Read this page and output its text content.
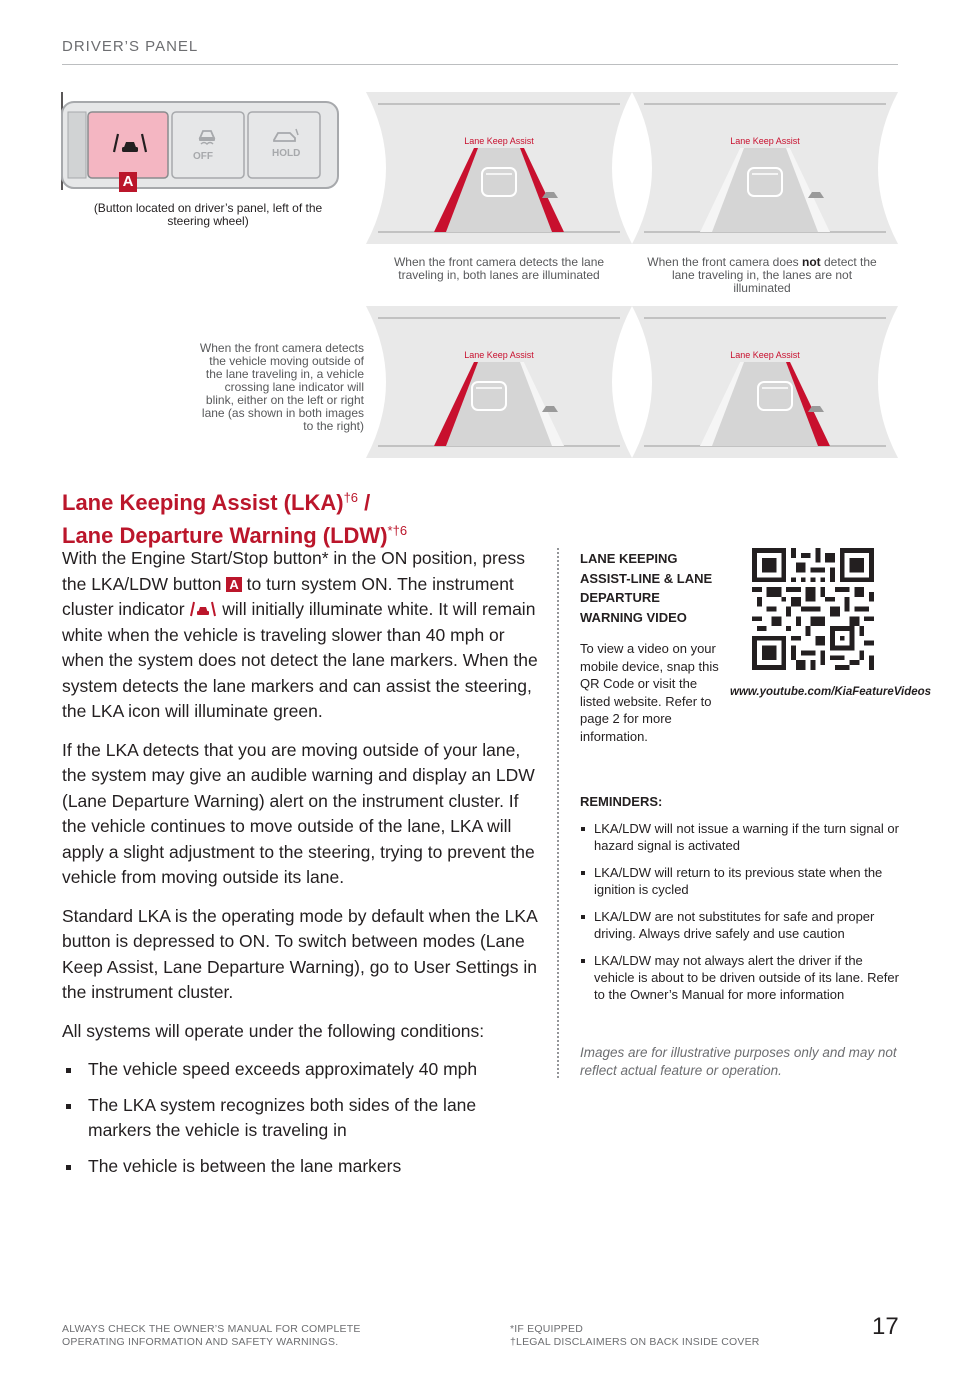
DRIVER’S PANEL
OFF	HOLD
A
(Button located on driver’s panel, left of the steering wheel)
Lane Keep Assist	Lane Keep Assist
When the front camera detects the lane traveling in, both lanes are illuminated
When the front camera does not detect the lane traveling in, the lanes are not illuminated
When the front camera detects the vehicle moving outside of the lane traveling in, a vehicle crossing lane indicator will blink, either on the left or right lane (as shown in both images to the right)
Lane Keep Assist	Lane Keep Assist
Lane Keeping Assist (LKA)$^{\dagger 6}$ /
Lane Departure Warning (LDW)$^{*\dagger 6}$

With the Engine Start/Stop button* in the ON position, press the LKA/LDW button A to turn system ON. The instrument cluster indicator  will initially illuminate white. It will remain white when the vehicle is traveling slower than 40 mph or when the system does not detect the lane markers. When the system detects the lane markers and can assist the steering, the LKA icon will illuminate green.

If the LKA detects that you are moving outside of your lane, the system may give an audible warning and display an LDW (Lane Departure Warning) alert on the instrument cluster. If the vehicle continues to move outside of the lane, LKA will apply a slight adjustment to the steering, trying to prevent the vehicle from moving outside its lane.

Standard LKA is the operating mode by default when the LKA button is depressed to ON. To switch between modes (Lane Keep Assist, Lane Departure Warning), go to User Settings in the instrument cluster.

All systems will operate under the following conditions:

The vehicle speed exceeds approximately 40 mph
The LKA system recognizes both sides of the lane markers the vehicle is traveling in
The vehicle is between the lane markers
LANE KEEPING ASSIST-LINE & LANE DEPARTURE WARNING VIDEO
To view a video on your mobile device, snap this QR Code or visit the listed website. Refer to page 2 for more information.
www.youtube.com/KiaFeatureVideos
REMINDERS:
LKA/LDW will not issue a warning if the turn signal or hazard signal is activated
LKA/LDW will return to its previous state when the ignition is cycled
LKA/LDW are not substitutes for safe and proper driving. Always drive safely and use caution
LKA/LDW may not always alert the driver if the vehicle is about to be driven outside of its lane. Refer to the Owner’s Manual for more information
Images are for illustrative purposes only and may not reflect actual feature or operation.
ALWAYS CHECK THE OWNER’S MANUAL FOR COMPLETE
OPERATING INFORMATION AND SAFETY WARNINGS.
*IF EQUIPPED
†LEGAL DISCLAIMERS ON BACK INSIDE COVER
17
